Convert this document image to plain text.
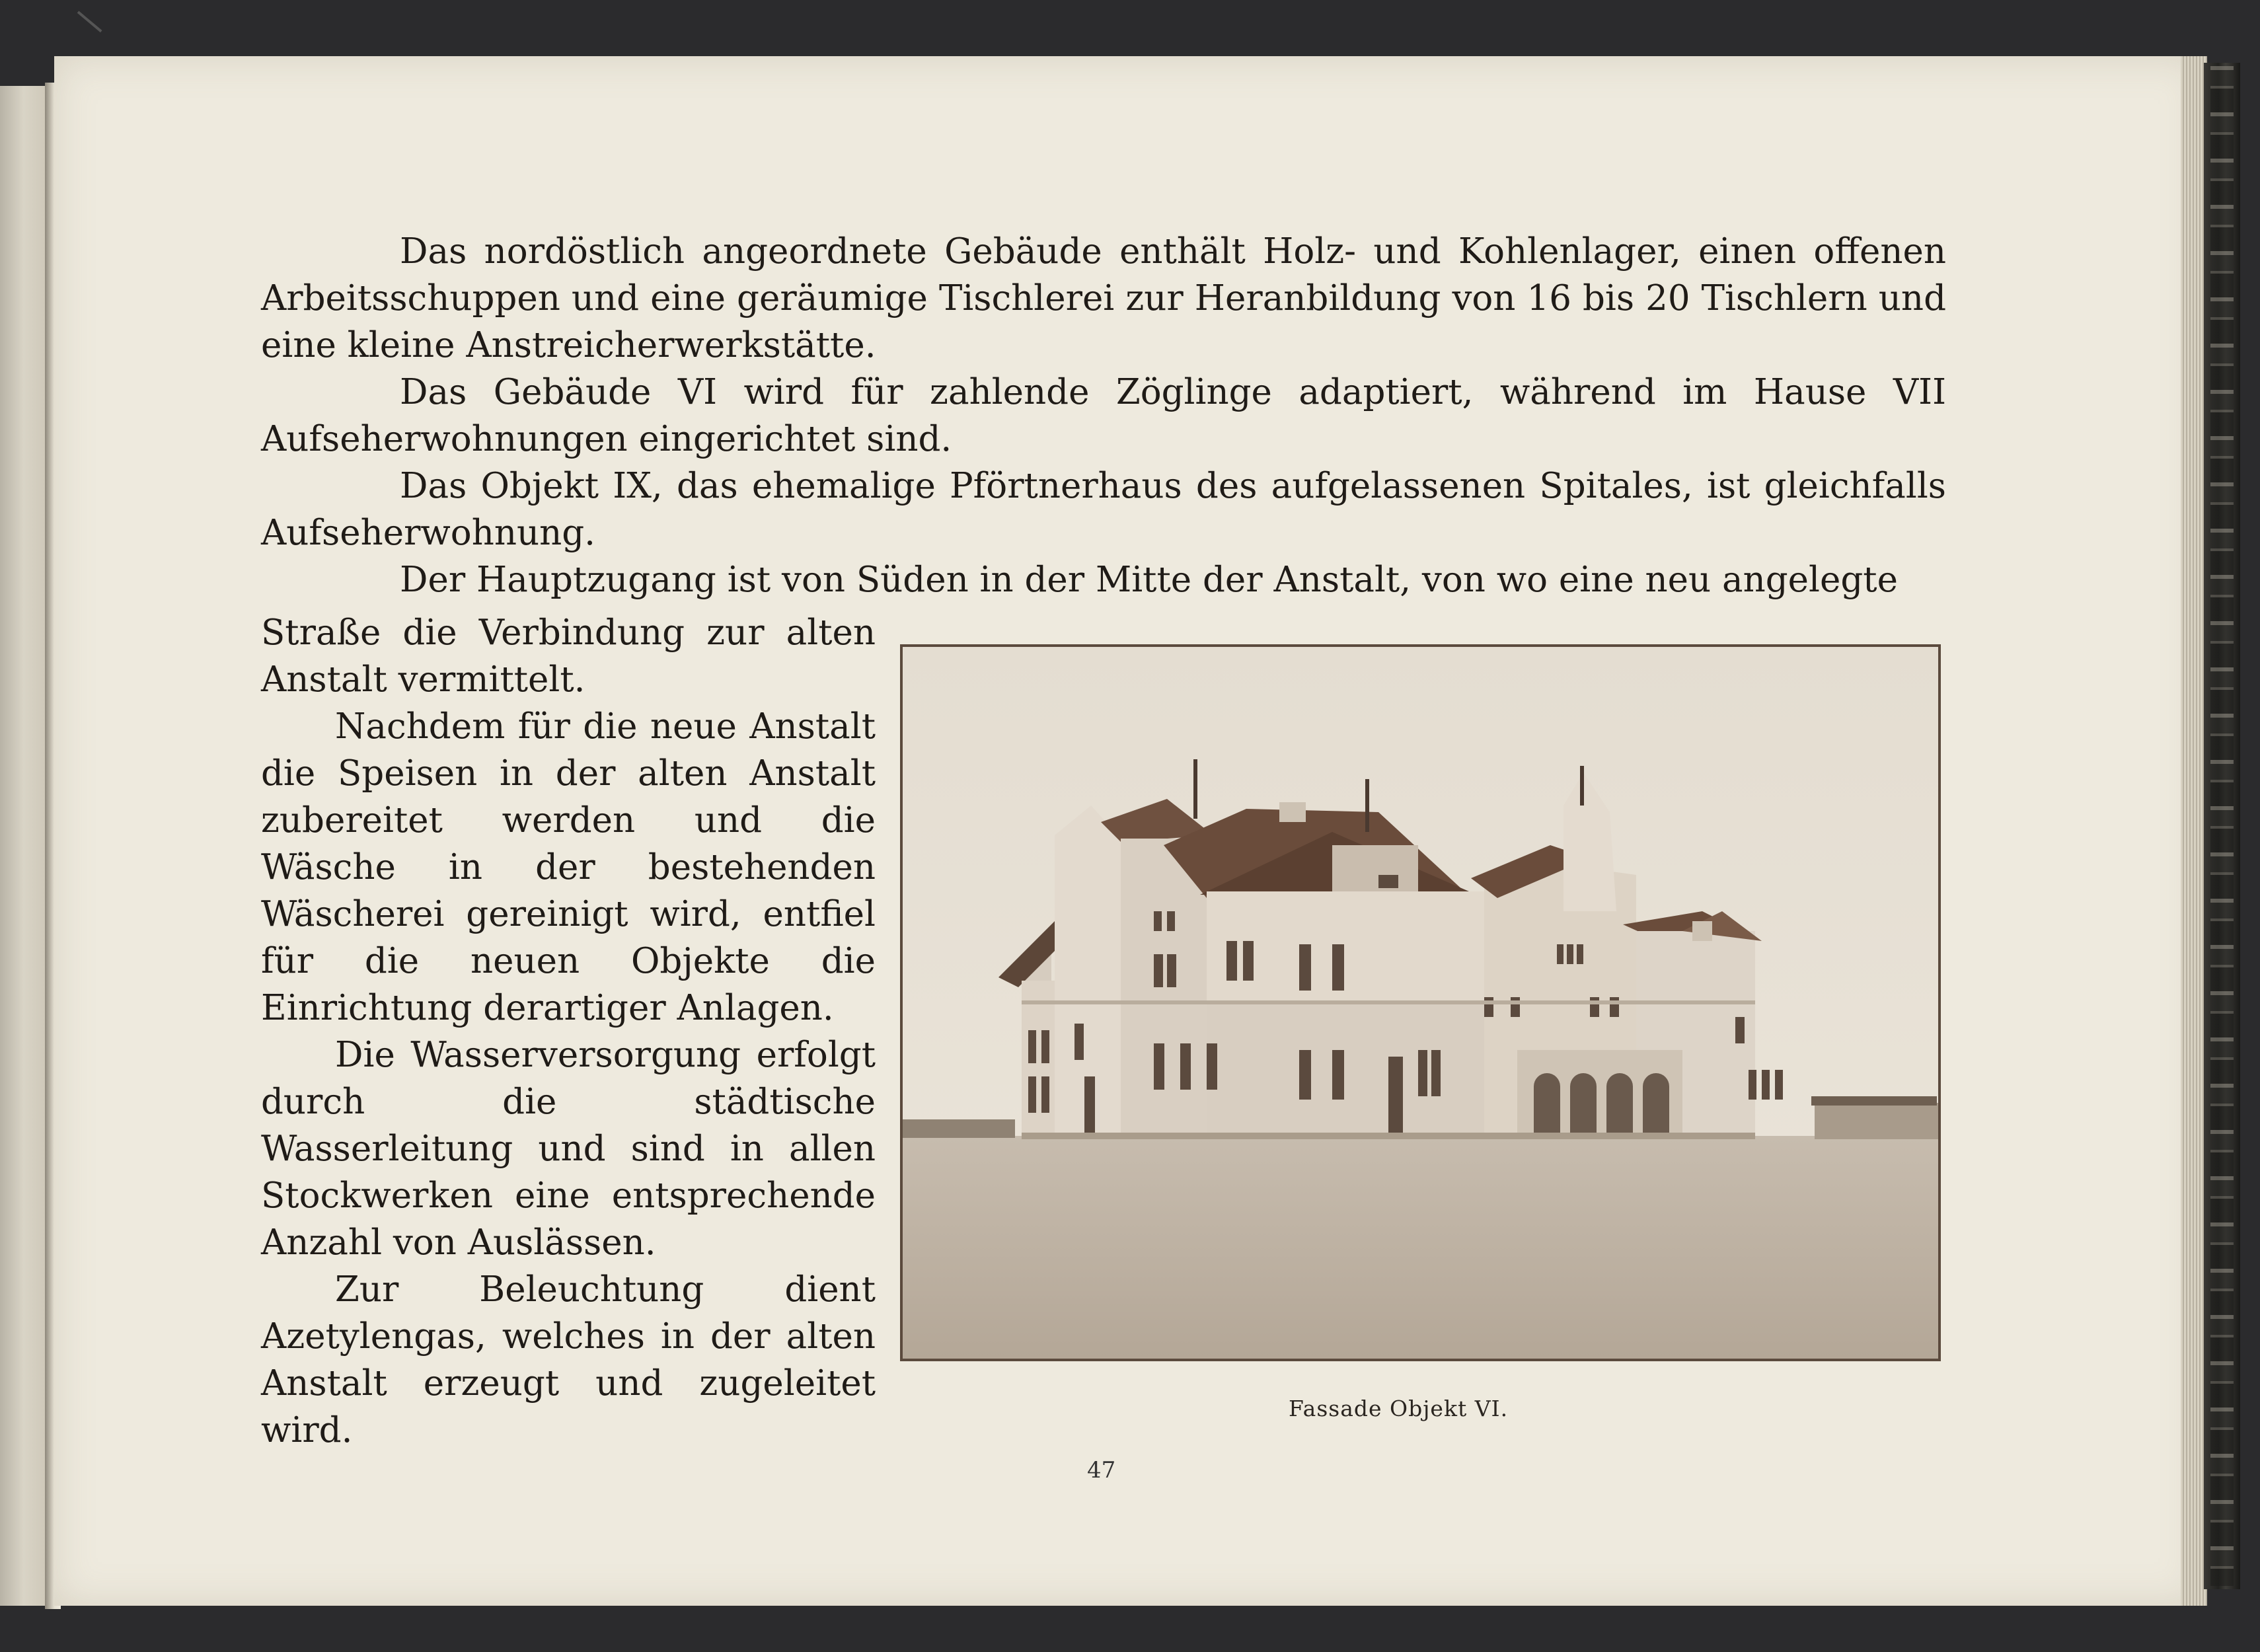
Das nordöstlich angeordnete Gebäude enthält Holz- und Kohlenlager, einen offenen Arbeitsschuppen und eine geräumige Tischlerei zur Heranbildung von 16 bis 20 Tischlern und eine kleine Anstreicherwerkstätte.

Das Gebäude VI wird für zahlende Zöglinge adaptiert, während im Hause VII Aufseherwohnungen eingerichtet sind.

Das Objekt IX, das ehemalige Pförtnerhaus des aufgelassenen Spitales, ist gleichfalls Aufseherwohnung.

Der Hauptzugang ist von Süden in der Mitte der Anstalt, von wo eine neu angelegte

Straße die Verbindung zur alten Anstalt vermittelt.

Nachdem für die neue Anstalt die Speisen in der alten Anstalt zubereitet werden und die Wäsche in der bestehenden Wäscherei gereinigt wird, entfiel für die neuen Objekte die Einrichtung derartiger Anlagen.

Die Wasserversorgung erfolgt durch die städtische Wasserleitung und sind in allen Stockwerken eine entsprechende Anzahl von Auslässen.

Zur Beleuchtung dient Azetylengas, welches in der alten Anstalt erzeugt und zugeleitet wird.

Fassade Objekt VI.
47
